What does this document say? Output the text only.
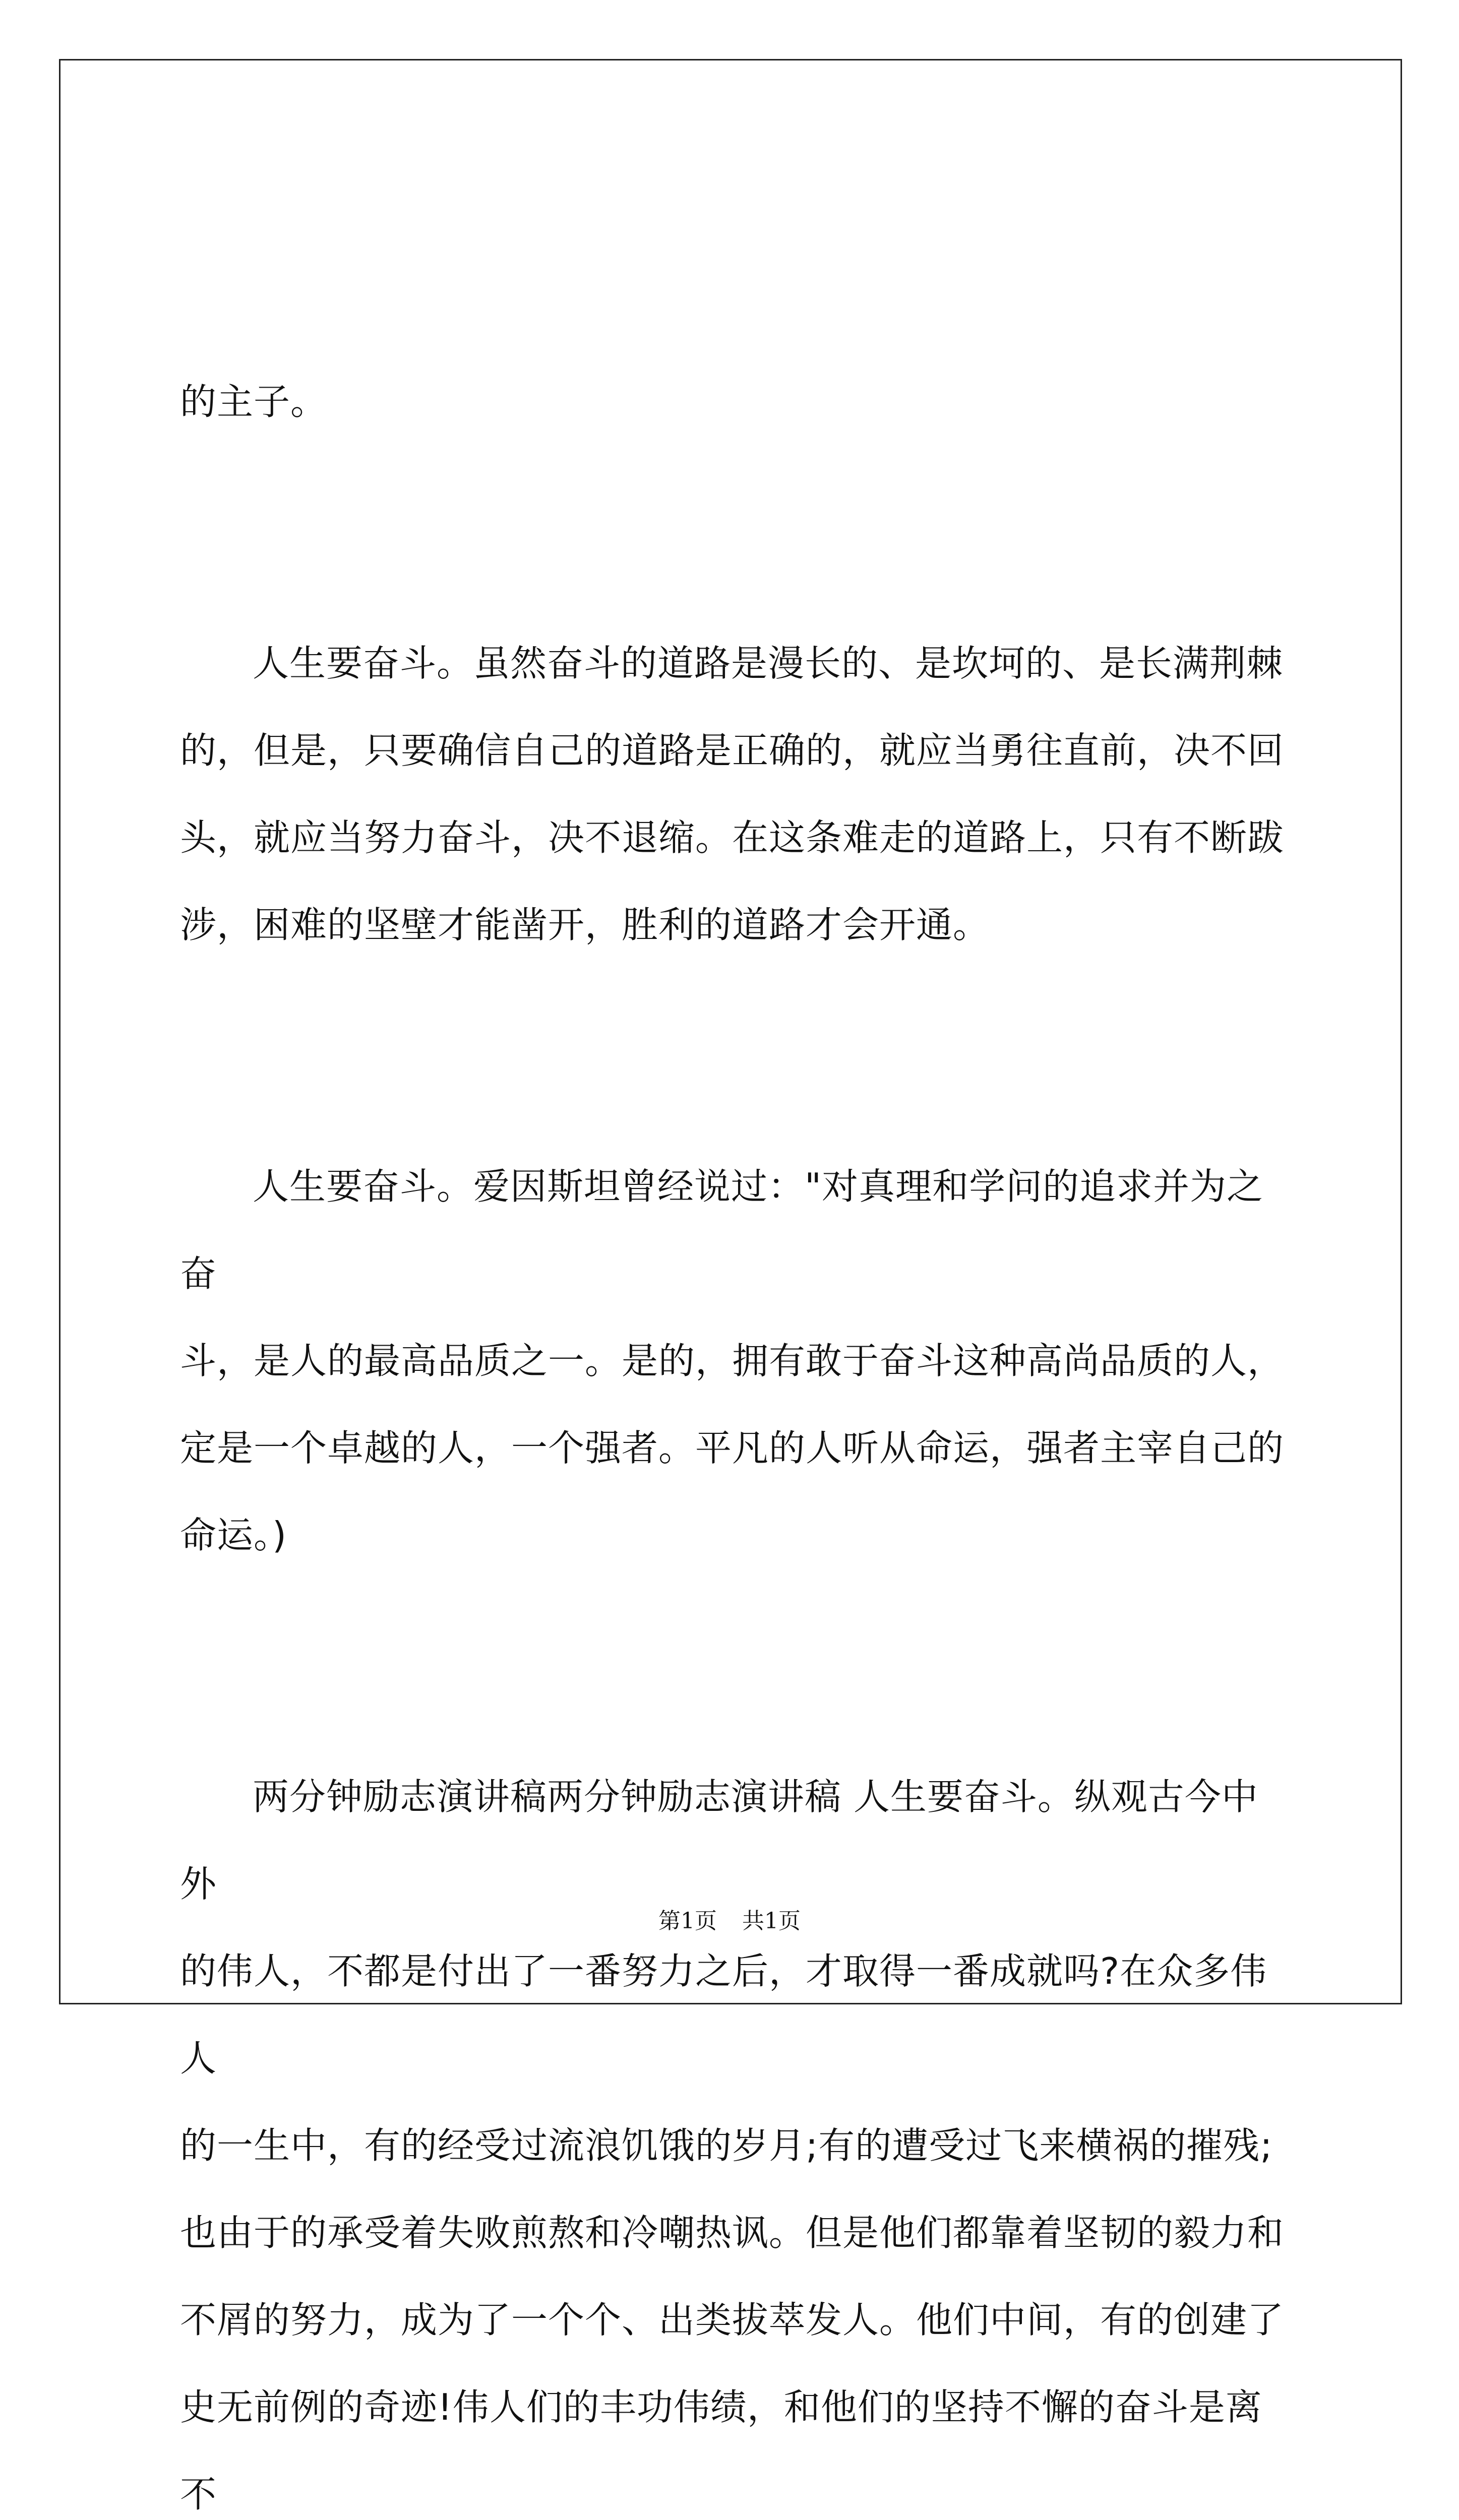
的主子。

人生要奋斗。虽然奋斗的道路是漫长的、是坎坷的、是长满荆棘
的，但是，只要确信自己的道路是正确的，就应当勇往直前，决不回
头，就应当努力奋斗，决不退缩。在这条难走的道路上，只有不断跋
涉，困难的坚壁才能凿开，胜利的道路才会开通。

人生要奋斗。爱因斯坦曾经说过："对真理和学问的追求并为之奋
斗，是人的最高品质之一。是的，拥有敢于奋斗这种高尚品质的人，
定是一个卓越的人，一个强者。平凡的人听从命运，强者主宰自己的
命运。)

两分钟励志演讲稿两分钟励志演讲稿 人生要奋斗。纵观古今中外
的伟人，不都是付出了一番努力之后，才取得一番成就吗?在众多伟人
的一生中，有的经受过流浪饥饿的岁月;有的遭受过飞来横祸的摧残;
也由于的承受着失败煎熬和冷嘲热讽。但是他们都靠着坚韧的毅力和
不屑的努力，成为了一个个、出类拔萃发人。他们中间，有的创建了
史无前例的奇迹!伟人们的丰功伟绩，和他们的坚持不懈的奋斗是离不

第1页 共1页
